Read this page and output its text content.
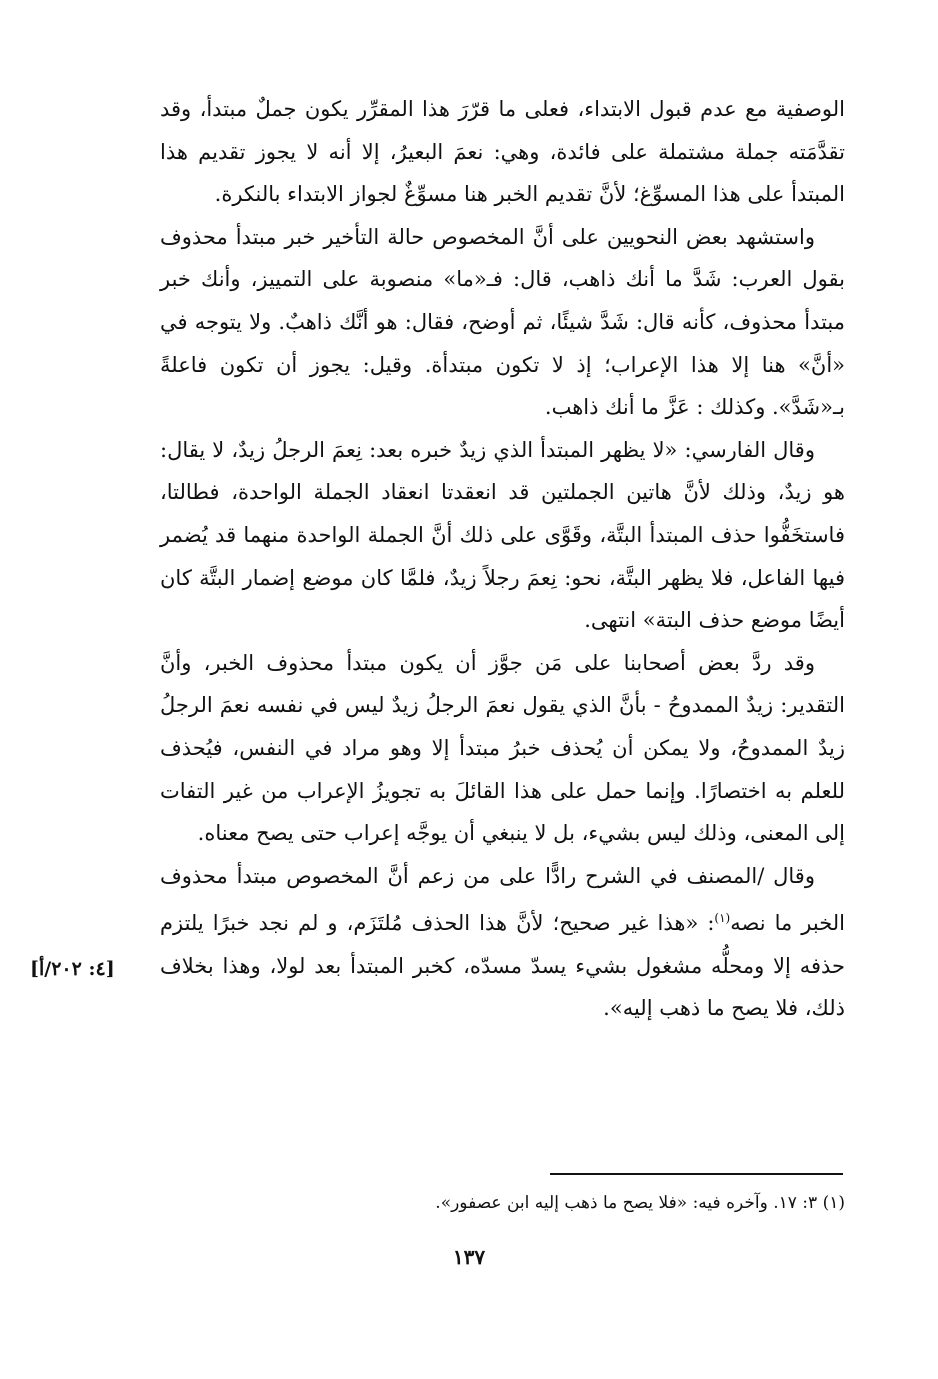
الوصفية مع عدم قبول الابتداء، فعلى ما قرّرَ هذا المقرِّر يكون جملٌ مبتدأ، وقد تقدَّمَته جملة مشتملة على فائدة، وهي: نعمَ البعيرُ، إلا أنه لا يجوز تقديم هذا المبتدأ على هذا المسوِّغ؛ لأنَّ تقديم الخبر هنا مسوِّغٌ لجواز الابتداء بالنكرة.

واستشهد بعض النحويين على أنَّ المخصوص حالة التأخير خبر مبتدأ محذوف بقول العرب: شَدَّ ما أنك ذاهب، قال: فـ«ما» منصوبة على التمييز، وأنك خبر مبتدأ محذوف، كأنه قال: شَدَّ شيئًا، ثم أوضح، فقال: هو أنَّك ذاهبٌ. ولا يتوجه في «أنَّ» هنا إلا هذا الإعراب؛ إذ لا تكون مبتدأة. وقيل: يجوز أن تكون فاعلةً بـ«شَدَّ». وكذلك : عَزَّ ما أنك ذاهب.

وقال الفارسي: «لا يظهر المبتدأ الذي زيدٌ خبره بعد: نِعمَ الرجلُ زيدٌ، لا يقال: هو زيدٌ، وذلك لأنَّ هاتين الجملتين قد انعقدتا انعقاد الجملة الواحدة، فطالتا، فاستخَفُّوا حذف المبتدأ البتَّة، وقَوَّى على ذلك أنَّ الجملة الواحدة منهما قد يُضمر فيها الفاعل، فلا يظهر البتَّة، نحو: نِعمَ رجلاً زيدٌ، فلمَّا كان موضع إضمار البتَّة كان أيضًا موضع حذف البتة» انتهى.

وقد ردَّ بعض أصحابنا على مَن جوَّز أن يكون مبتدأ محذوف الخبر، وأنَّ التقدير: زيدٌ الممدوحُ - بأنَّ الذي يقول نعمَ الرجلُ زيدٌ ليس في نفسه نعمَ الرجلُ زيدٌ الممدوحُ، ولا يمكن أن يُحذف خبرُ مبتدأ إلا وهو مراد في النفس، فيُحذف للعلم به اختصارًا. وإنما حمل على هذا القائلَ به تجويزُ الإعراب من غير التفات إلى المعنى، وذلك ليس بشيء، بل لا ينبغي أن يوجَّه إعراب حتى يصح معناه.

وقال /المصنف في الشرح رادًّا على من زعم أنَّ المخصوص مبتدأ محذوف الخبر ما نصه$^{(١)}$: «هذا غير صحيح؛ لأنَّ هذا الحذف مُلتَزَم، و لم نجد خبرًا يلتزم حذفه إلا ومحلُّه مشغول بشيء يسدّ مسدّه، كخبر المبتدأ بعد لولا، وهذا بخلاف ذلك، فلا يصح ما ذهب إليه».

[٤: ٢٠٢/أ]
(١) ٣: ١٧. وآخره فيه: «فلا يصح ما ذهب إليه ابن عصفور».
١٣٧
